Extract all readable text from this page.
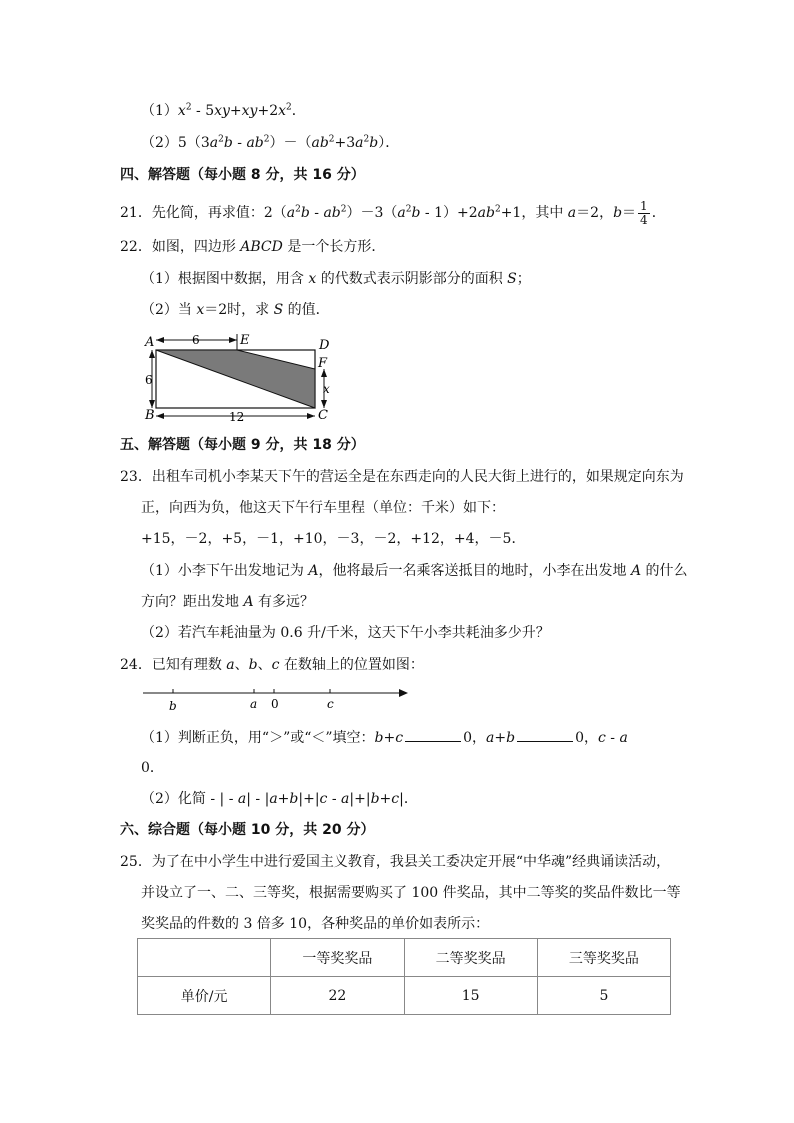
$(1)x^2 - 5xy+xy+2x^2$．
$(2)5(3a^2b - ab^2)-(ab^2+3a^2b)$．
四、解答题（每小题 8 分，共 16 分）
21．先化简，再求值：$2(a^2b - ab^2)-3(a^2b - 1)+2ab^2+1$，其中 a＝2，$b= \frac{1}{4}$ ．
22．如图，四边形 ABCD 是一个长方形．
（1）根据图中数据，用含 x 的代数式表示阴影部分的面积 S；
（2）当 x＝2时，求 S 的值．
6
6
12
x
A	E	D
F
B	C
五、解答题（每小题 9 分，共 18 分）
23．出租车司机小李某天下午的营运全是在东西走向的人民大街上进行的，如果规定向东为
正，向西为负，他这天下午行车里程（单位：千米）如下：
+15，－2，+5，－1，+10，－3，－2，+12，+4，－5．
（1）小李下午出发地记为 A，他将最后一名乘客送抵目的地时，小李在出发地 A 的什么
方向？距出发地 A 有多远？
（2）若汽车耗油量为 0.6 升/千米，这天下午小李共耗油多少升？
24．已知有理数 a、b、c 在数轴上的位置如图：
b	a 0	c
（1）判断正负，用“＞”或“＜”填空：b+c	0，a+b	0，c - a
0．
（2）化简 - | - a| - |a+b|+|c - a|+|b+c|．
六、综合题（每小题 10 分，共 20 分）
25．为了在中小学生中进行爱国主义教育，我县关工委决定开展“中华魂”经典诵读活动，
并设立了一、二、三等奖，根据需要购买了 100 件奖品，其中二等奖的奖品件数比一等
奖奖品的件数的 3 倍多 10，各种奖品的单价如表所示：
	一等奖奖品	二等奖奖品	三等奖奖品
单价/元	22	15	5
